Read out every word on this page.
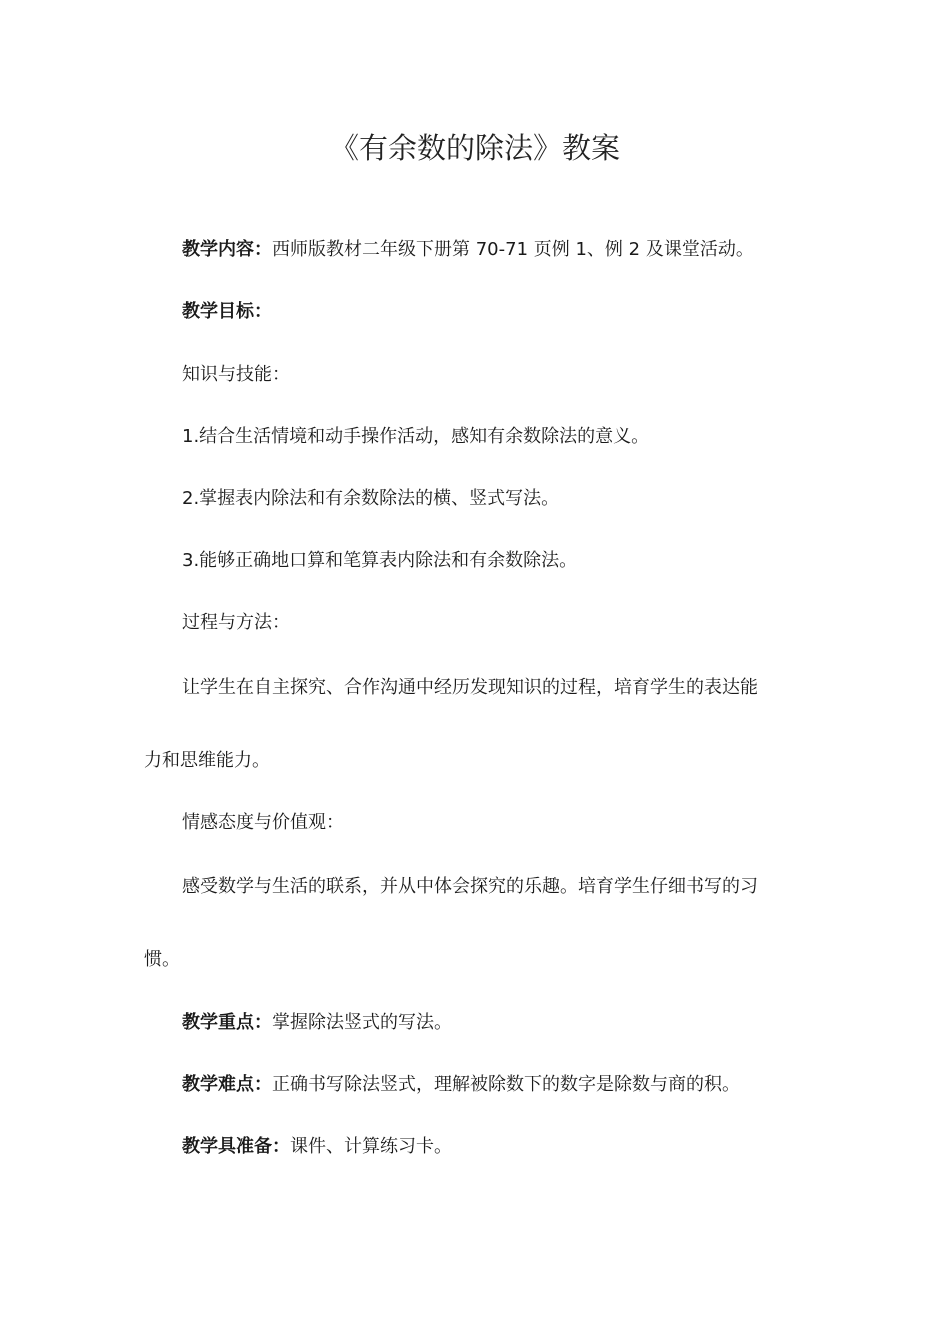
《有余数的除法》教案
教学内容：西师版教材二年级下册第 70-71 页例 1、例 2 及课堂活动。
教学目标：
知识与技能：
1.结合生活情境和动手操作活动，感知有余数除法的意义。
2.掌握表内除法和有余数除法的横、竖式写法。
3.能够正确地口算和笔算表内除法和有余数除法。
过程与方法：
让学生在自主探究、合作沟通中经历发现知识的过程，培育学生的表达能
力和思维能力。
情感态度与价值观：
感受数学与生活的联系，并从中体会探究的乐趣。培育学生仔细书写的习
惯。
教学重点：掌握除法竖式的写法。
教学难点：正确书写除法竖式，理解被除数下的数字是除数与商的积。
教学具准备：课件、计算练习卡。
